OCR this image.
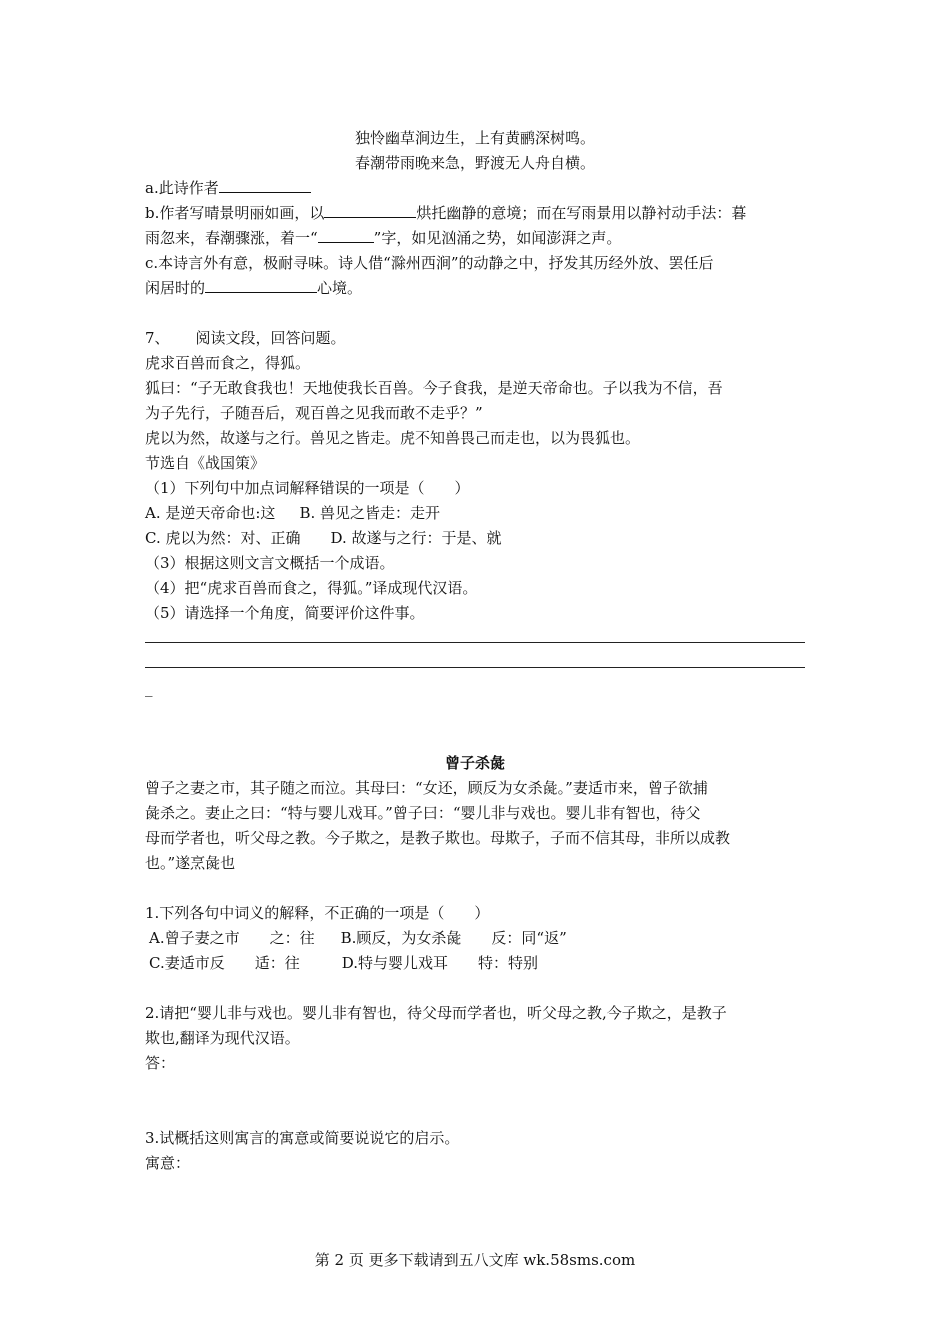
独怜幽草涧边生，上有黄鹂深树鸣。
春潮带雨晚来急，野渡无人舟自横。
a.此诗作者
b.作者写晴景明丽如画，以	烘托幽静的意境；而在写雨景用以静衬动手法：暮
雨忽来，春潮骤涨，着一“	”字，如见汹涌之势，如闻澎湃之声。
c.本诗言外有意，极耐寻味。诗人借“滁州西涧”的动静之中，抒发其历经外放、罢任后
闲居时的	心境。
7、 阅读文段，回答问题。
虎求百兽而食之，得狐。
狐曰：“子无敢食我也！天地使我长百兽。今子食我，是逆天帝命也。子以我为不信，吾
为子先行，子随吾后，观百兽之见我而敢不走乎？”
虎以为然，故遂与之行。兽见之皆走。虎不知兽畏己而走也，以为畏狐也。
节选自《战国策》
（1）下列句中加点词解释错误的一项是（　　）
A. 是逆天帝命也:这 B. 兽见之皆走：走开
C. 虎以为然：对、正确 D. 故遂与之行：于是、就
（3）根据这则文言文概括一个成语。
（4）把“虎求百兽而食之，得狐。”译成现代汉语。
（5）请选择一个角度，简要评价这件事。
_
曾子杀彘
曾子之妻之市，其子随之而泣。其母曰：“女还，顾反为女杀彘。”妻适市来，曾子欲捕
彘杀之。妻止之曰：“特与婴儿戏耳。”曾子曰：“婴儿非与戏也。婴儿非有智也，待父
母而学者也，听父母之教。今子欺之，是教子欺也。母欺子，子而不信其母，非所以成教
也。”遂烹彘也
1.下列各句中词义的解释，不正确的一项是（　　）
A.曾子妻之市　　之：往 B.顾反，为女杀彘　　反：同“返”
C.妻适市反　　适：往	D.特与婴儿戏耳　　特：特别
2.请把“婴儿非与戏也。婴儿非有智也，待父母而学者也，听父母之教,今子欺之，是教子
欺也,翻译为现代汉语。
答：
3.试概括这则寓言的寓意或简要说说它的启示。
寓意：
第 2 页 更多下载请到五八文库 wk.58sms.com
